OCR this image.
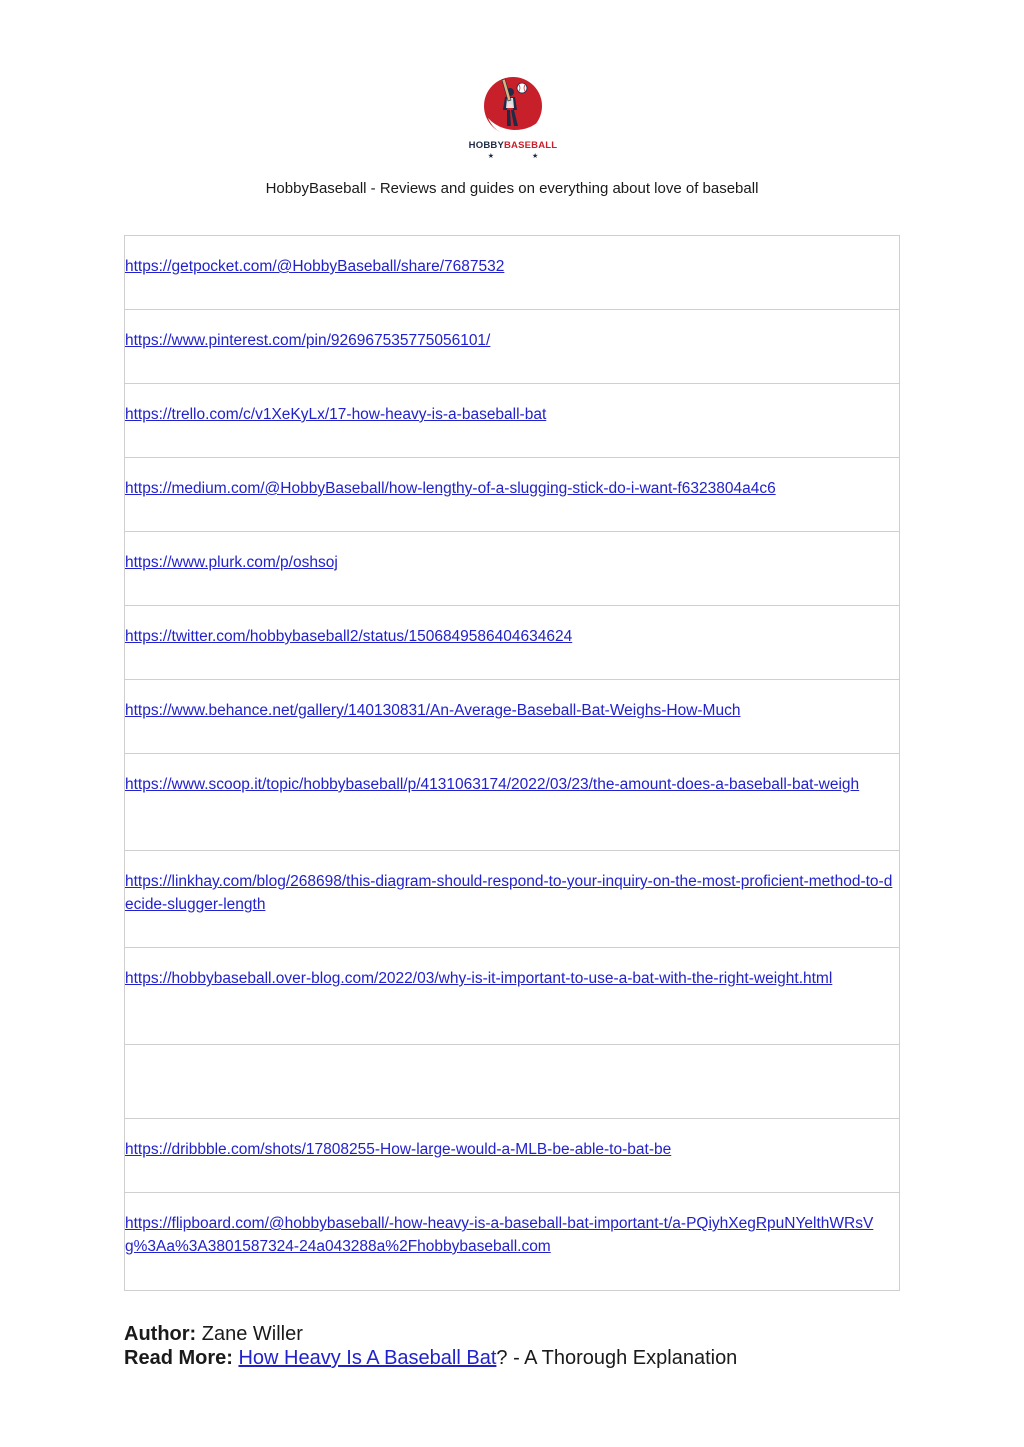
HOBBYBASEBALL
★ ★
HobbyBaseball - Reviews and guides on everything about love of baseball
https://getpocket.com/@HobbyBaseball/share/7687532
https://www.pinterest.com/pin/926967535775056101/
https://trello.com/c/v1XeKyLx/17-how-heavy-is-a-baseball-bat
https://medium.com/@HobbyBaseball/how-lengthy-of-a-slugging-stick-do-i-want-f6323804a4c6
https://www.plurk.com/p/oshsoj
https://twitter.com/hobbybaseball2/status/1506849586404634624
https://www.behance.net/gallery/140130831/An-Average-Baseball-Bat-Weighs-How-Much
https://www.scoop.it/topic/hobbybaseball/p/4131063174/2022/03/23/the-amount-does-a-baseball-bat-weigh
https://linkhay.com/blog/268698/this-diagram-should-respond-to-your-inquiry-on-the-most-proficient-method-to-decide-slugger-length
https://hobbybaseball.over-blog.com/2022/03/why-is-it-important-to-use-a-bat-with-the-right-weight.html
https://dribbble.com/shots/17808255-How-large-would-a-MLB-be-able-to-bat-be
https://flipboard.com/@hobbybaseball/-how-heavy-is-a-baseball-bat-important-t/a-PQiyhXegRpuNYelthWRsVg%3Aa%3A3801587324-24a043288a%2Fhobbybaseball.com
Author: Zane Willer
Read More: How Heavy Is A Baseball Bat? - A Thorough Explanation
